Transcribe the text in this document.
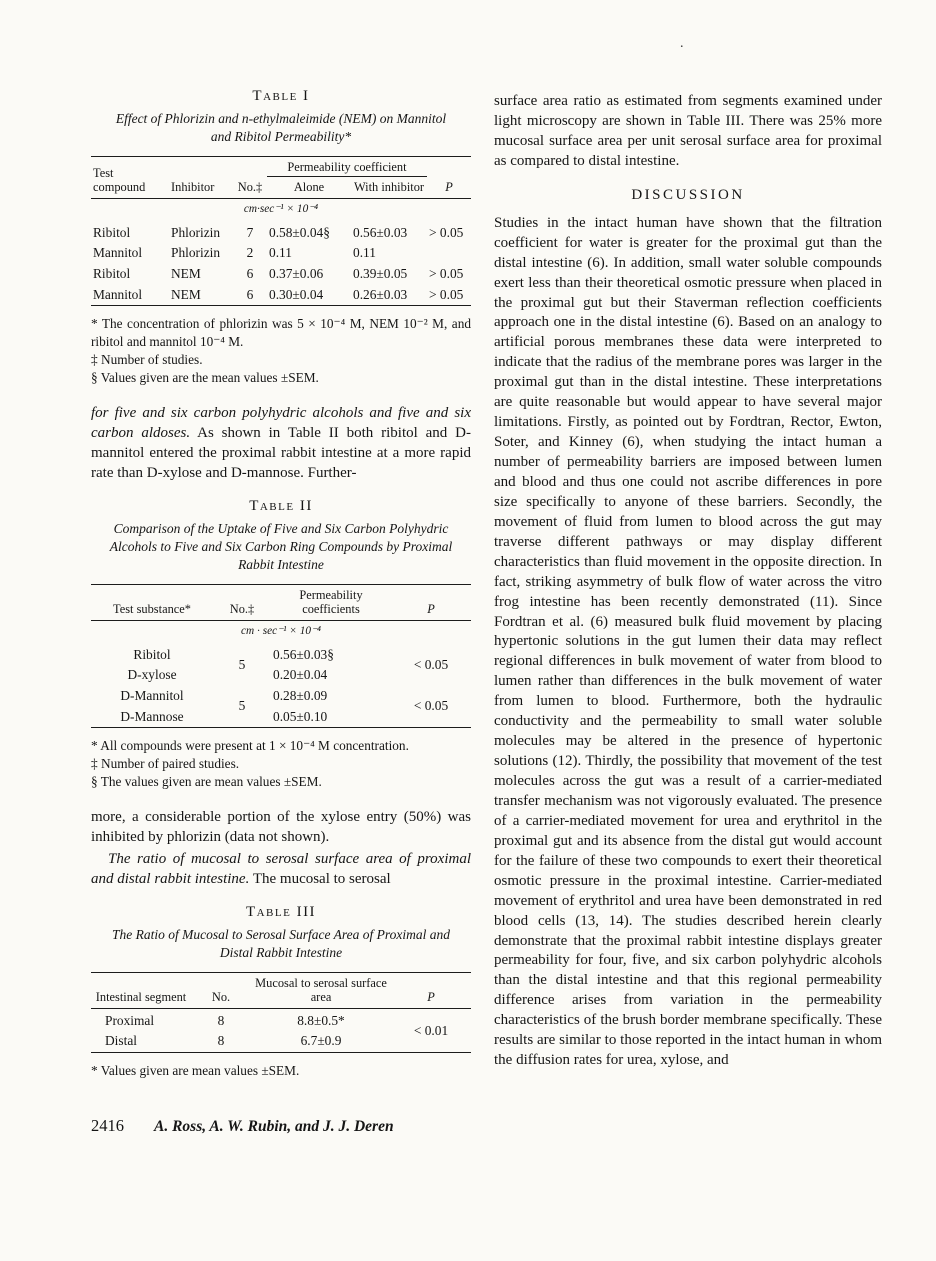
.
Table I
Effect of Phlorizin and n-ethylmaleimide (NEM) on Mannitol and Ribitol Permeability*
Test compound	Inhibitor	No.‡	Permeability coefficient		P
			Alone	With inhibitor	
cm·sec⁻¹ × 10⁻⁴					
Ribitol	Phlorizin	7	0.58±0.04§	0.56±0.03	> 0.05
Mannitol	Phlorizin	2	0.11	0.11	
Ribitol	NEM	6	0.37±0.06	0.39±0.05	> 0.05
Mannitol	NEM	6	0.30±0.04	0.26±0.03	> 0.05

* The concentration of phlorizin was 5 × 10⁻⁴ M, NEM 10⁻² M, and ribitol and mannitol 10⁻⁴ M.

‡ Number of studies.

§ Values given are the mean values ±SEM.

for five and six carbon polyhydric alcohols and five and six carbon aldoses. As shown in Table II both ribitol and D-mannitol entered the proximal rabbit intestine at a more rapid rate than D-xylose and D-mannose. Further-

Table II
Comparison of the Uptake of Five and Six Carbon Polyhydric Alcohols to Five and Six Carbon Ring Compounds by Proximal Rabbit Intestine
Test substance*	No.‡	Permeability coefficients	P
cm · sec⁻¹ × 10⁻⁴			
Ribitol	5	0.56±0.03§	< 0.05
D-xylose		0.20±0.04	
D-Mannitol	5	0.28±0.09	< 0.05
D-Mannose		0.05±0.10	

* All compounds were present at 1 × 10⁻⁴ M concentration.

‡ Number of paired studies.

§ The values given are mean values ±SEM.

more, a considerable portion of the xylose entry (50%) was inhibited by phlorizin (data not shown).

The ratio of mucosal to serosal surface area of proximal and distal rabbit intestine. The mucosal to serosal

Table III
The Ratio of Mucosal to Serosal Surface Area of Proximal and Distal Rabbit Intestine
Intestinal segment	No.	Mucosal to serosal surface area	P
Proximal	8	8.8±0.5*	< 0.01
Distal	8	6.7±0.9	

* Values given are mean values ±SEM.

2416 A. Ross, A. W. Rubin, and J. J. Deren

surface area ratio as estimated from segments examined under light microscopy are shown in Table III. There was 25% more mucosal surface area per unit serosal surface area for proximal as compared to distal intestine.

DISCUSSION

Studies in the intact human have shown that the filtration coefficient for water is greater for the proximal gut than the distal intestine (6). In addition, small water soluble compounds exert less than their theoretical osmotic pressure when placed in the proximal gut but their Staverman reflection coefficients approach one in the distal intestine (6). Based on an analogy to artificial porous membranes these data were interpreted to indicate that the radius of the membrane pores was larger in the proximal gut than in the distal intestine. These interpretations are quite reasonable but would appear to have several major limitations. Firstly, as pointed out by Fordtran, Rector, Ewton, Soter, and Kinney (6), when studying the intact human a number of permeability barriers are imposed between lumen and blood and thus one could not ascribe differences in pore size specifically to anyone of these barriers. Secondly, the movement of fluid from lumen to blood across the gut may traverse different pathways or may display different characteristics than fluid movement in the opposite direction. In fact, striking asymmetry of bulk flow of water across the vitro frog intestine has been recently demonstrated (11). Since Fordtran et al. (6) measured bulk fluid movement by placing hypertonic solutions in the gut lumen their data may reflect regional differences in bulk movement of water from blood to lumen rather than differences in the bulk movement of water from lumen to blood. Furthermore, both the hydraulic conductivity and the permeability to small water soluble molecules may be altered in the presence of hypertonic solutions (12). Thirdly, the possibility that movement of the test molecules across the gut was a result of a carrier-mediated transfer mechanism was not vigorously evaluated. The presence of a carrier-mediated movement for urea and erythritol in the proximal gut and its absence from the distal gut would account for the failure of these two compounds to exert their theoretical osmotic pressure in the proximal intestine. Carrier-mediated movement of erythritol and urea have been demonstrated in red blood cells (13, 14). The studies described herein clearly demonstrate that the proximal rabbit intestine displays greater permeability for four, five, and six carbon polyhydric alcohols than the distal intestine and that this regional permeability difference arises from variation in the permeability characteristics of the brush border membrane specifically. These results are similar to those reported in the intact human in whom the diffusion rates for urea, xylose, and
